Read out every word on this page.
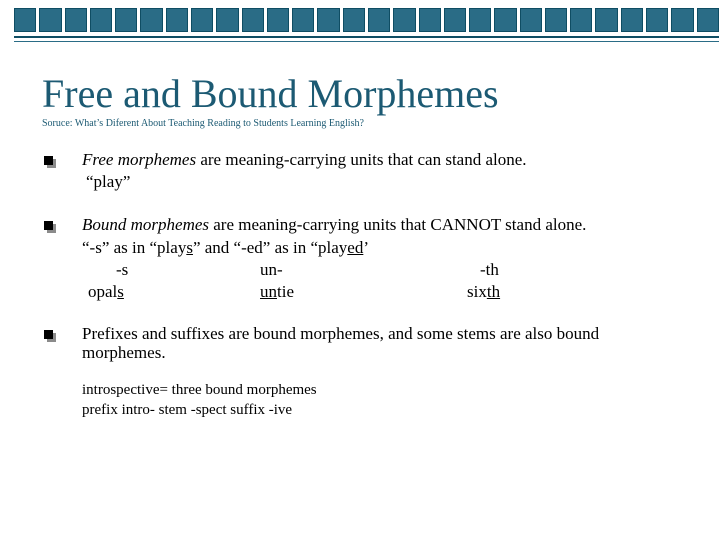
Free and Bound Morphemes
Soruce: What’s Diferent About Teaching Reading to Students Learning English?
Free morphemes are meaning-carrying units that can stand alone.
“play”
Bound morphemes are meaning-carrying units that CANNOT stand alone.
“-s” as in “plays” and “-ed” as in “played’
-s	un-	-th
opals	untie	sixth
Prefixes and suffixes are bound morphemes, and some stems are also bound
morphemes.
introspective= three bound morphemes
prefix intro- stem -spect suffix -ive
